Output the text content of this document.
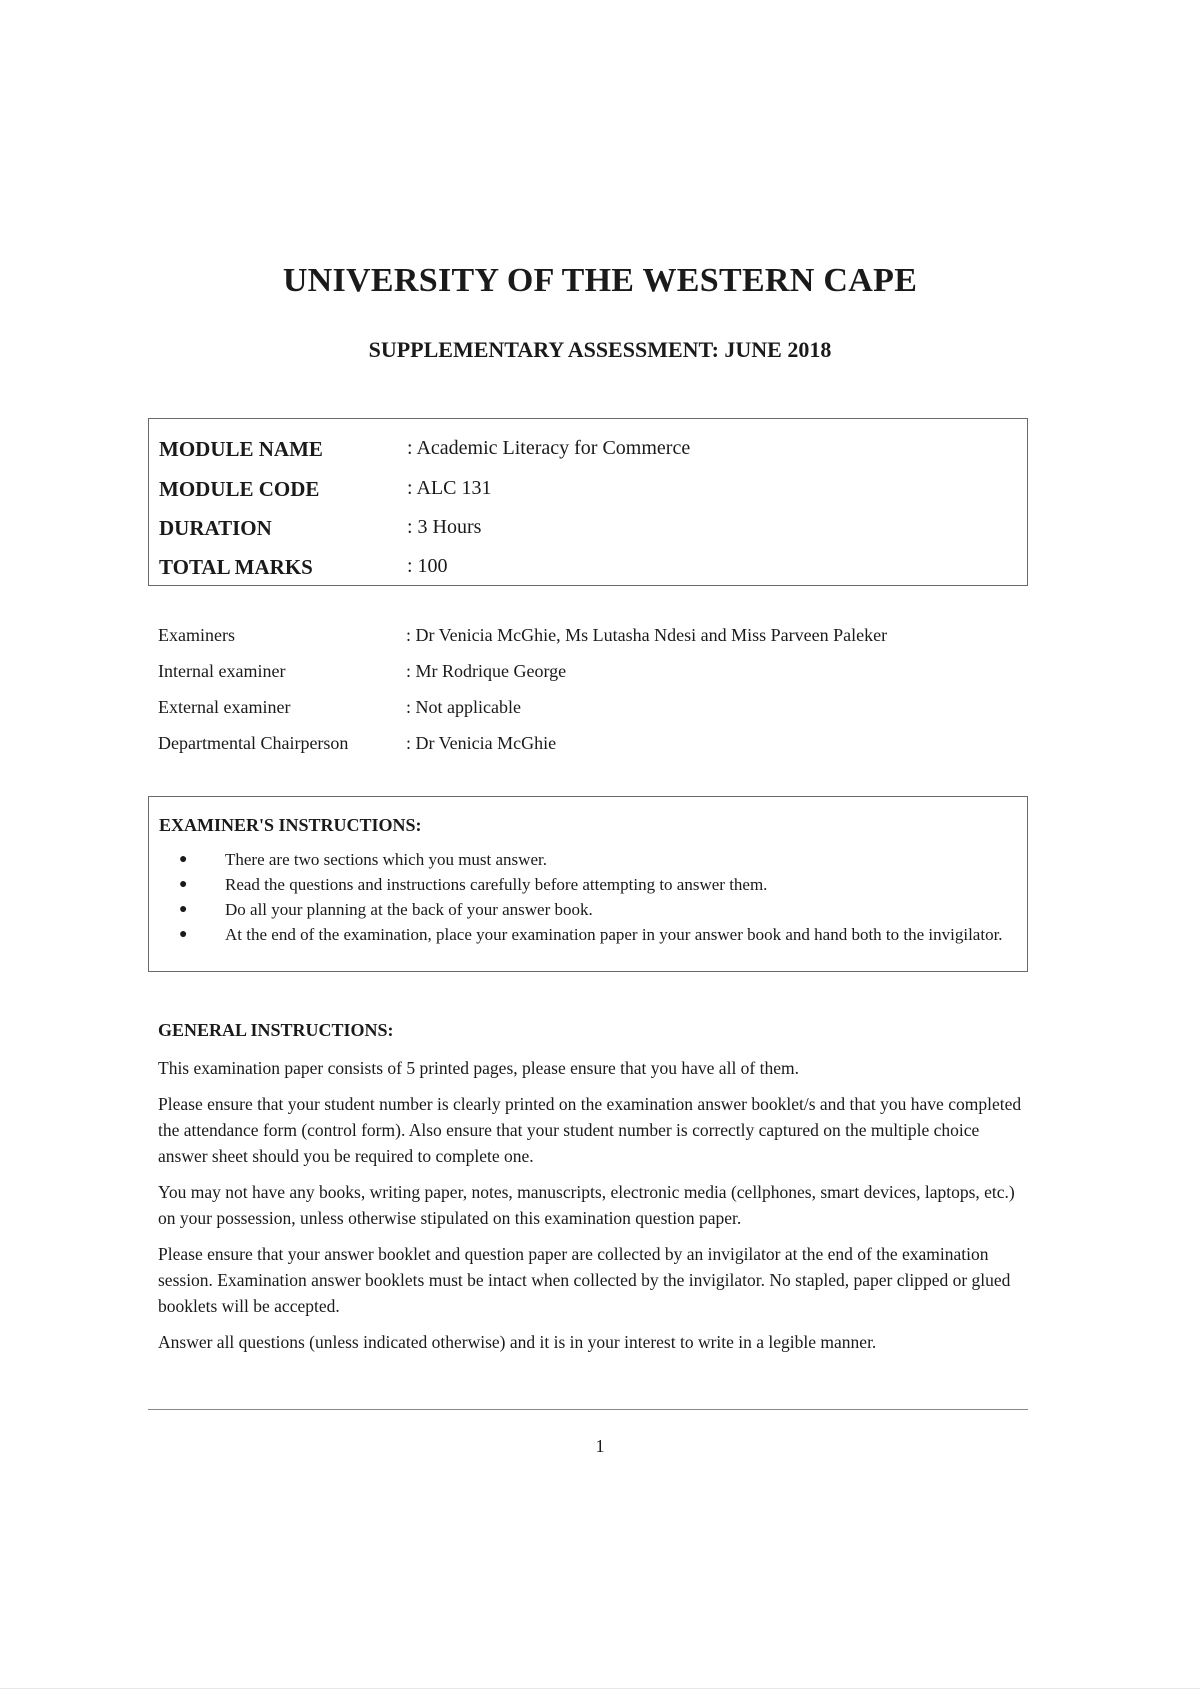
UNIVERSITY OF THE WESTERN CAPE
SUPPLEMENTARY ASSESSMENT: JUNE 2018
MODULE NAME	: Academic Literacy for Commerce
MODULE CODE	: ALC 131
DURATION	: 3 Hours
TOTAL MARKS	: 100
Examiners	: Dr Venicia McGhie, Ms Lutasha Ndesi and Miss Parveen Paleker
Internal examiner	: Mr Rodrique George
External examiner	: Not applicable
Departmental Chairperson	: Dr Venicia McGhie
EXAMINER'S INSTRUCTIONS:
● There are two sections which you must answer.
● Read the questions and instructions carefully before attempting to answer them.
● Do all your planning at the back of your answer book.
● At the end of the examination, place your examination paper in your answer book and hand both to the invigilator.
GENERAL INSTRUCTIONS:

This examination paper consists of 5 printed pages, please ensure that you have all of them.

Please ensure that your student number is clearly printed on the examination answer booklet/s and that you have completed the attendance form (control form). Also ensure that your student number is correctly captured on the multiple choice answer sheet should you be required to complete one.

You may not have any books, writing paper, notes, manuscripts, electronic media (cellphones, smart devices, laptops, etc.) on your possession, unless otherwise stipulated on this examination question paper.

Please ensure that your answer booklet and question paper are collected by an invigilator at the end of the examination session. Examination answer booklets must be intact when collected by the invigilator. No stapled, paper clipped or glued booklets will be accepted.

Answer all questions (unless indicated otherwise) and it is in your interest to write in a legible manner.

1
